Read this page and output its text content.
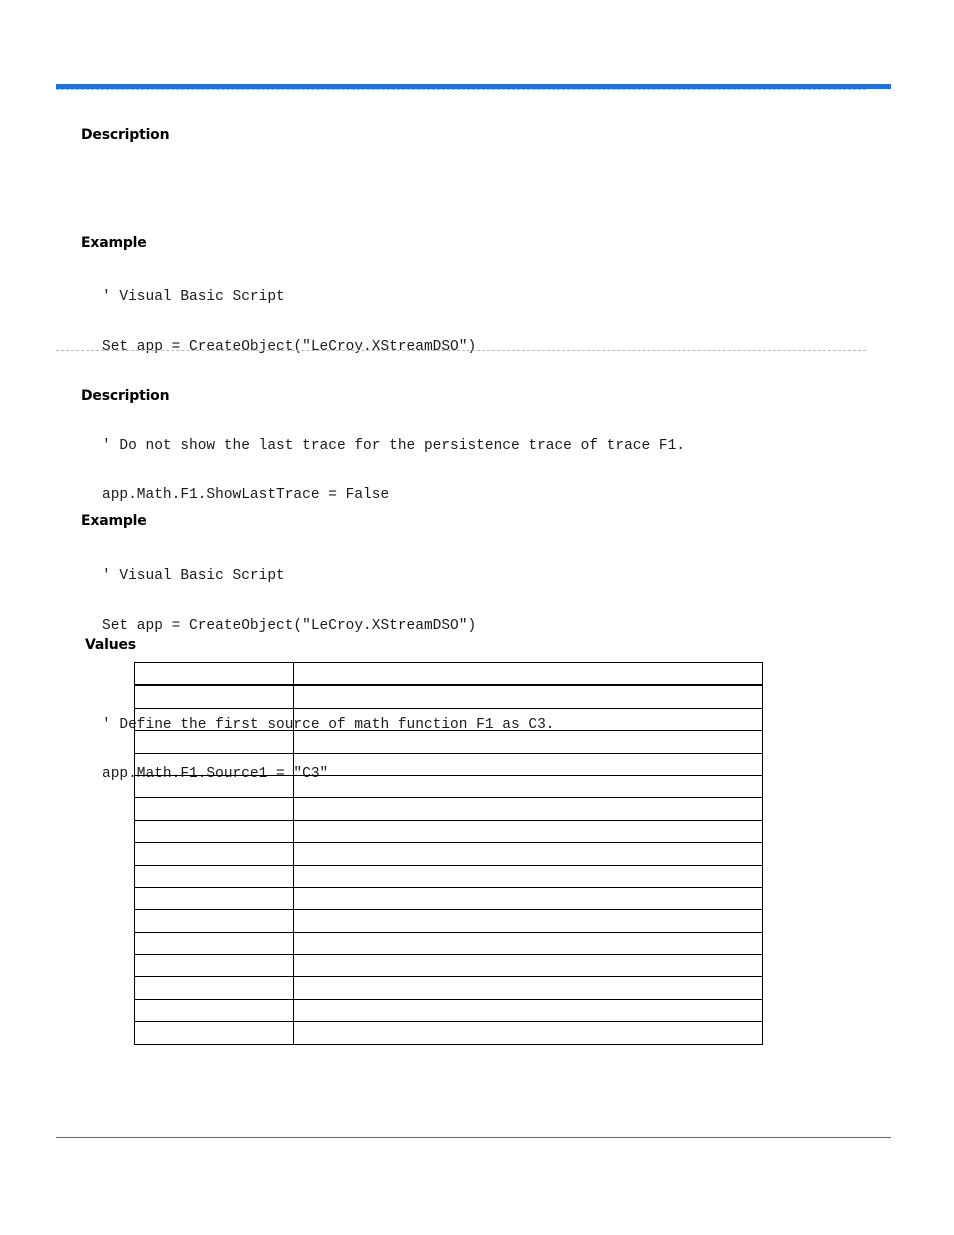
Description
Example

' Visual Basic Script

Set app = CreateObject("LeCroy.XStreamDSO")

' Do not show the last trace for the persistence trace of trace F1.

app.Math.F1.ShowLastTrace = False

Description
Example

' Visual Basic Script

Set app = CreateObject("LeCroy.XStreamDSO")

' Define the first source of math function F1 as C3.

app.Math.F1.Source1 = "C3"

Values
